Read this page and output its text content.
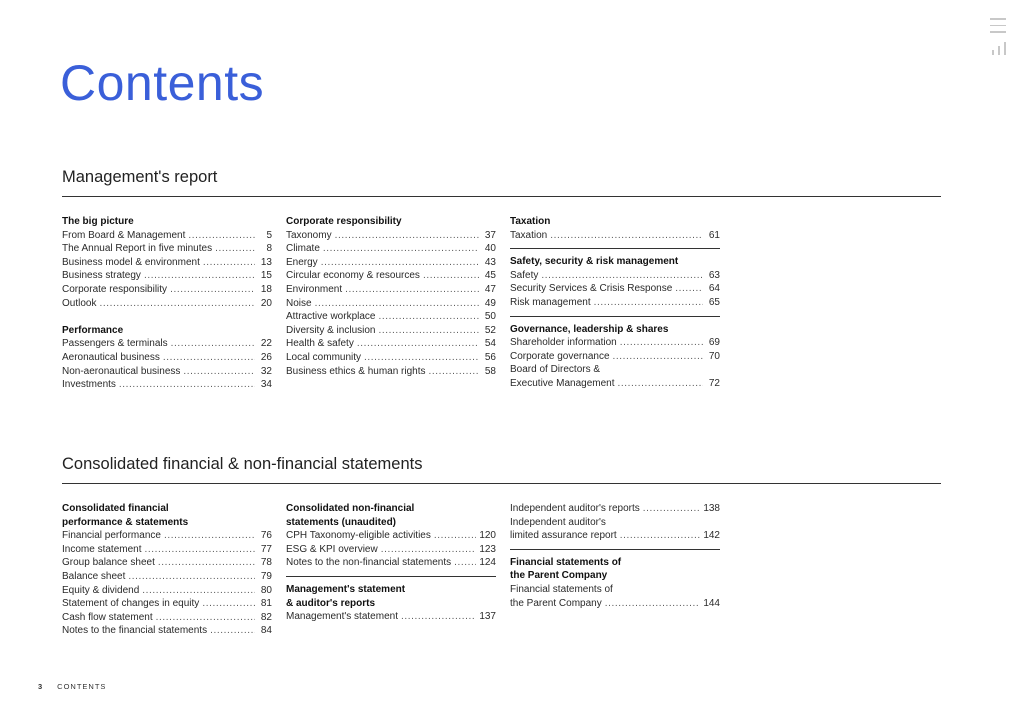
Contents
Management's report
The big picture
From Board & Management .....	5
The Annual Report in five minutes .....	8
Business model & environment .....	13
Business strategy .....	15
Corporate responsibility .....	18
Outlook .....	20
Performance
Passengers & terminals .....	22
Aeronautical business .....	26
Non-aeronautical business .....	32
Investments .....	34
Corporate responsibility
Taxonomy .....	37
Climate .....	40
Energy .....	43
Circular economy & resources .....	45
Environment .....	47
Noise .....	49
Attractive workplace .....	50
Diversity & inclusion .....	52
Health & safety .....	54
Local community .....	56
Business ethics & human rights .....	58
Taxation
Taxation .....	61
Safety, security & risk management
Safety .....	63
Security Services & Crisis Response .....	64
Risk management .....	65
Governance, leadership & shares
Shareholder information .....	69
Corporate governance .....	70
Board of Directors &
Executive Management .....	72
Consolidated financial & non-financial statements
Consolidated financial
performance & statements
Financial performance .....	76
Income statement .....	77
Group balance sheet .....	78
Balance sheet .....	79
Equity & dividend .....	80
Statement of changes in equity .....	81
Cash flow statement .....	82
Notes to the financial statements .....	84
Consolidated non-financial
statements (unaudited)
CPH Taxonomy-eligible activities .....	120
ESG & KPI overview .....	123
Notes to the non-financial statements .....	124
Management's statement
& auditor's reports
Management's statement .....	137
Independent auditor's reports .....	138
Independent auditor's
limited assurance report .....	142
Financial statements of
the Parent Company
Financial statements of
the Parent Company .....	144
3 CONTENTS
